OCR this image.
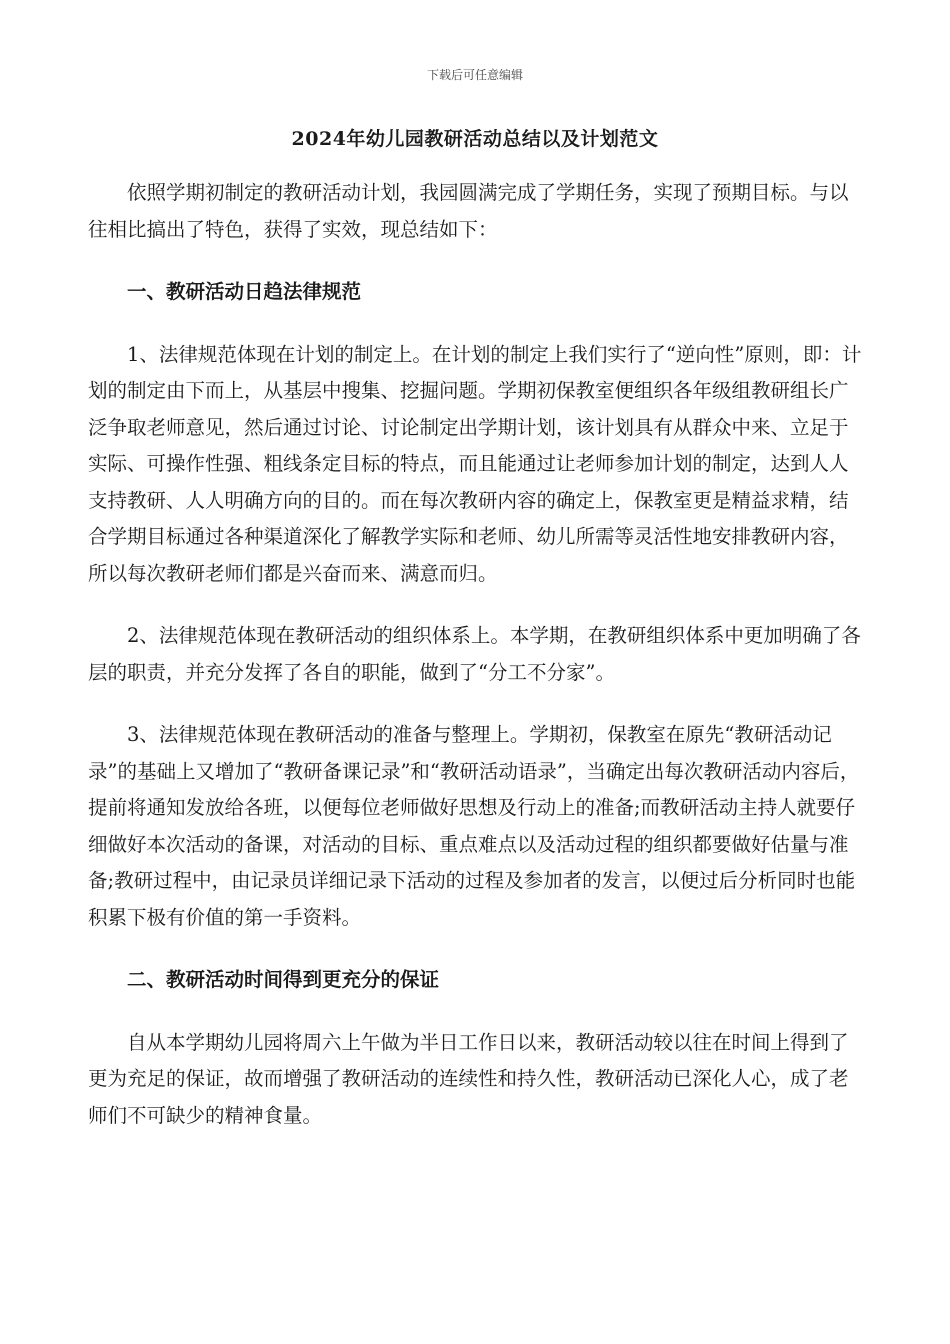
下载后可任意编辑
2024年幼儿园教研活动总结以及计划范文

依照学期初制定的教研活动计划，我园圆满完成了学期任务，实现了预期目标。与以往相比搞出了特色，获得了实效，现总结如下：

一、教研活动日趋法律规范

1、法律规范体现在计划的制定上。在计划的制定上我们实行了“逆向性”原则，即：计划的制定由下而上，从基层中搜集、挖掘问题。学期初保教室便组织各年级组教研组长广泛争取老师意见，然后通过讨论、讨论制定出学期计划，该计划具有从群众中来、立足于实际、可操作性强、粗线条定目标的特点，而且能通过让老师参加计划的制定，达到人人支持教研、人人明确方向的目的。而在每次教研内容的确定上，保教室更是精益求精，结合学期目标通过各种渠道深化了解教学实际和老师、幼儿所需等灵活性地安排教研内容，所以每次教研老师们都是兴奋而来、满意而归。

2、法律规范体现在教研活动的组织体系上。本学期，在教研组织体系中更加明确了各层的职责，并充分发挥了各自的职能，做到了“分工不分家”。

3、法律规范体现在教研活动的准备与整理上。学期初，保教室在原先“教研活动记录”的基础上又增加了“教研备课记录”和“教研活动语录”，当确定出每次教研活动内容后，提前将通知发放给各班，以便每位老师做好思想及行动上的准备;而教研活动主持人就要仔细做好本次活动的备课，对活动的目标、重点难点以及活动过程的组织都要做好估量与准备;教研过程中，由记录员详细记录下活动的过程及参加者的发言，以便过后分析同时也能积累下极有价值的第一手资料。

二、教研活动时间得到更充分的保证

自从本学期幼儿园将周六上午做为半日工作日以来，教研活动较以往在时间上得到了更为充足的保证，故而增强了教研活动的连续性和持久性，教研活动已深化人心，成了老师们不可缺少的精神食量。
